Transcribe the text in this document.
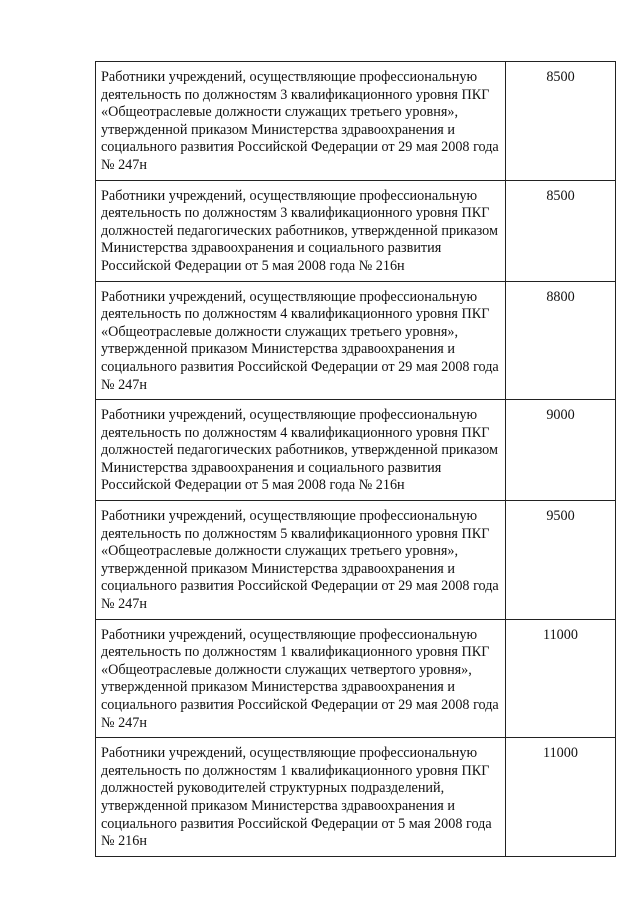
Работники учреждений, осуществляющие профессиональную деятельность по должностям 3 квалификационного уровня ПКГ «Общеотраслевые должности служащих третьего уровня», утвержденной приказом Министерства здравоохранения и социального развития Российской Федерации от 29 мая 2008 года № 247н	8500
Работники учреждений, осуществляющие профессиональную деятельность по должностям 3 квалификационного уровня ПКГ должностей педагогических работников, утвержденной приказом Министерства здравоохранения и социального развития Российской Федерации от 5 мая 2008 года № 216н	8500
Работники учреждений, осуществляющие профессиональную деятельность по должностям 4 квалификационного уровня ПКГ «Общеотраслевые должности служащих третьего уровня», утвержденной приказом Министерства здравоохранения и социального развития Российской Федерации от 29 мая 2008 года № 247н	8800
Работники учреждений, осуществляющие профессиональную деятельность по должностям 4 квалификационного уровня ПКГ должностей педагогических работников, утвержденной приказом Министерства здравоохранения и социального развития Российской Федерации от 5 мая 2008 года № 216н	9000
Работники учреждений, осуществляющие профессиональную деятельность по должностям 5 квалификационного уровня ПКГ «Общеотраслевые должности служащих третьего уровня», утвержденной приказом Министерства здравоохранения и социального развития Российской Федерации от 29 мая 2008 года № 247н	9500
Работники учреждений, осуществляющие профессиональную деятельность по должностям 1 квалификационного уровня ПКГ «Общеотраслевые должности служащих четвертого уровня», утвержденной приказом Министерства здравоохранения и социального развития Российской Федерации от 29 мая 2008 года № 247н	11000
Работники учреждений, осуществляющие профессиональную деятельность по должностям 1 квалификационного уровня ПКГ должностей руководителей структурных подразделений, утвержденной приказом Министерства здравоохранения и социального развития Российской Федерации от 5 мая 2008 года № 216н	11000
